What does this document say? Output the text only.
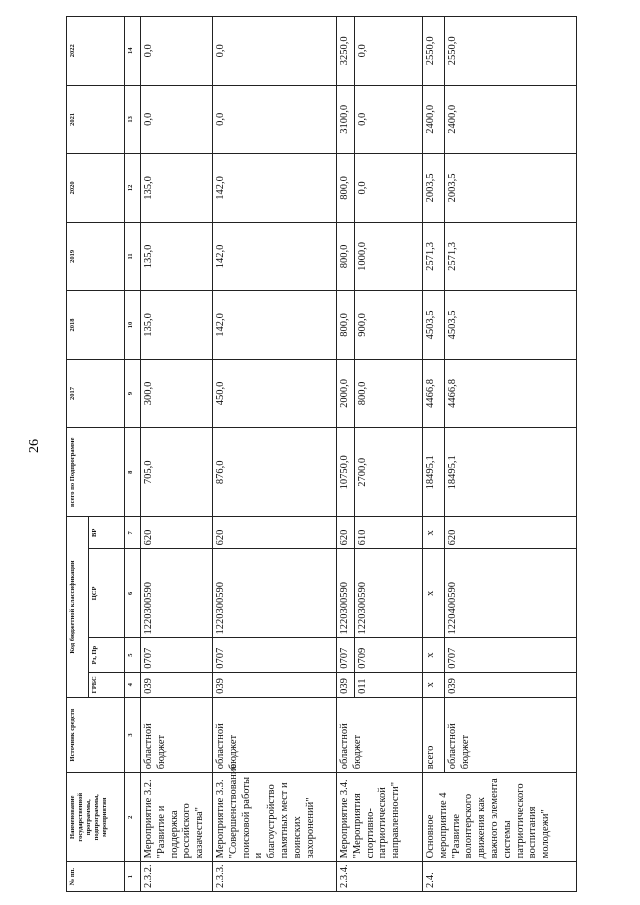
26
№ пп.	Наименование государственной программы, подпрограммы, мероприятия	Источник средств	Код бюджетной классификации				всего по Подпрограмме	2017	2018	2019	2020	2021	2022
			ГРБС	Рз, Пр	ЦСР	ВР							
1	2	3	4	5	6	7	8	9	10	11	12	13	14
2.3.2.	Мероприятие 3.2. "Развитие и поддержка российского казачества"	областной бюджет	039	0707	1220300590	620	705,0	300,0	135,0	135,0	135,0	0,0	0,0
2.3.3.	Мероприятие 3.3. "Совершенствование поисковой работы и благоустройство памятных мест и воинских захоронений"	областной бюджет	039	0707	1220300590	620	876,0	450,0	142,0	142,0	142,0	0,0	0,0
2.3.4.	Мероприятие 3.4. "Мероприятия спортивно-патриотической направленности"	областной бюджет	039	0707	1220300590	620	10750,0	2000,0	800,0	800,0	800,0	3100,0	3250,0
			011	0709	1220300590	610	2700,0	800,0	900,0	1000,0	0,0	0,0	0,0
2.4.	Основное мероприятие 4 "Развитие волонтерского движения как важного элемента системы патриотического воспитания молодежи"	всего	x	x	x	x	18495,1	4466,8	4503,5	2571,3	2003,5	2400,0	2550,0
		областной бюджет	039	0707	1220400590	620	18495,1	4466,8	4503,5	2571,3	2003,5	2400,0	2550,0
